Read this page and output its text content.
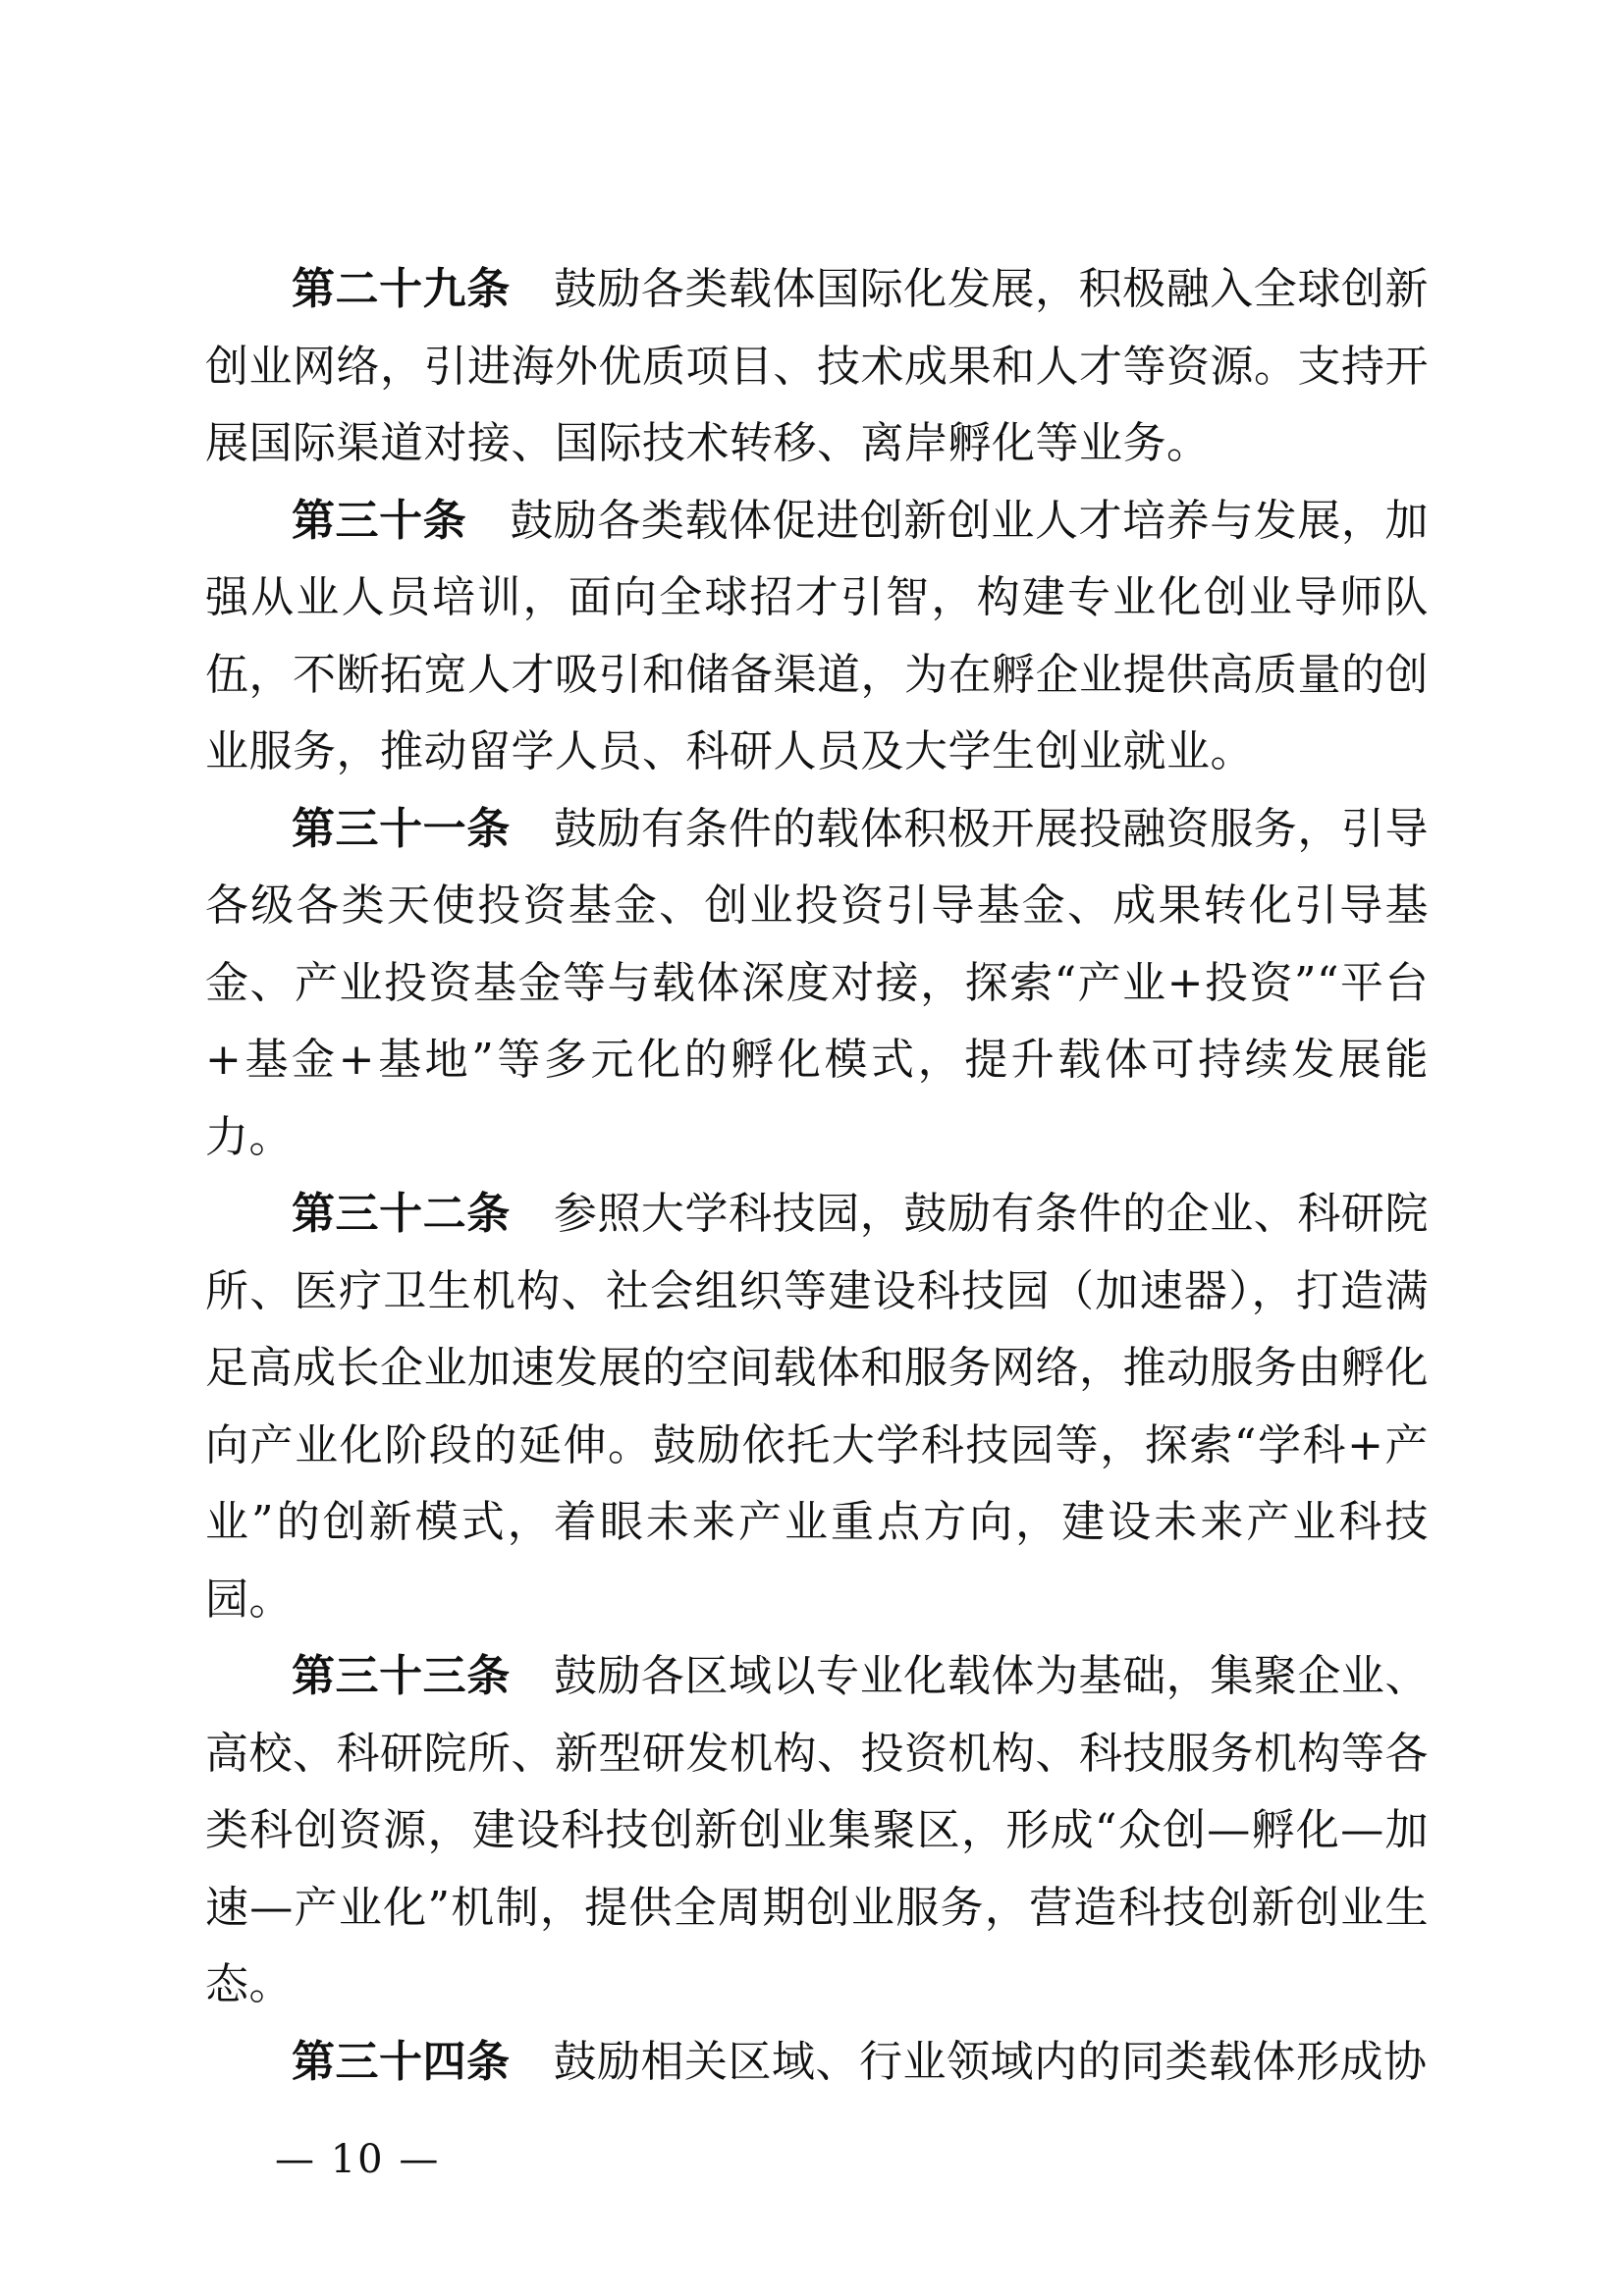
第二十九条 鼓励各类载体国际化发展，积极融入全球创新创业网络，引进海外优质项目、技术成果和人才等资源。支持开展国际渠道对接、国际技术转移、离岸孵化等业务。

第三十条 鼓励各类载体促进创新创业人才培养与发展，加强从业人员培训，面向全球招才引智，构建专业化创业导师队伍，不断拓宽人才吸引和储备渠道，为在孵企业提供高质量的创业服务，推动留学人员、科研人员及大学生创业就业。

第三十一条 鼓励有条件的载体积极开展投融资服务，引导各级各类天使投资基金、创业投资引导基金、成果转化引导基金、产业投资基金等与载体深度对接，探索“产业+投资”“平台+基金+基地”等多元化的孵化模式，提升载体可持续发展能力。

第三十二条 参照大学科技园，鼓励有条件的企业、科研院所、医疗卫生机构、社会组织等建设科技园（加速器），打造满足高成长企业加速发展的空间载体和服务网络，推动服务由孵化向产业化阶段的延伸。鼓励依托大学科技园等，探索“学科+产业”的创新模式，着眼未来产业重点方向，建设未来产业科技园。

第三十三条 鼓励各区域以专业化载体为基础，集聚企业、高校、科研院所、新型研发机构、投资机构、科技服务机构等各类科创资源，建设科技创新创业集聚区，形成“众创—孵化—加速—产业化”机制，提供全周期创业服务，营造科技创新创业生态。

第三十四条 鼓励相关区域、行业领域内的同类载体形成协

— 10 —
